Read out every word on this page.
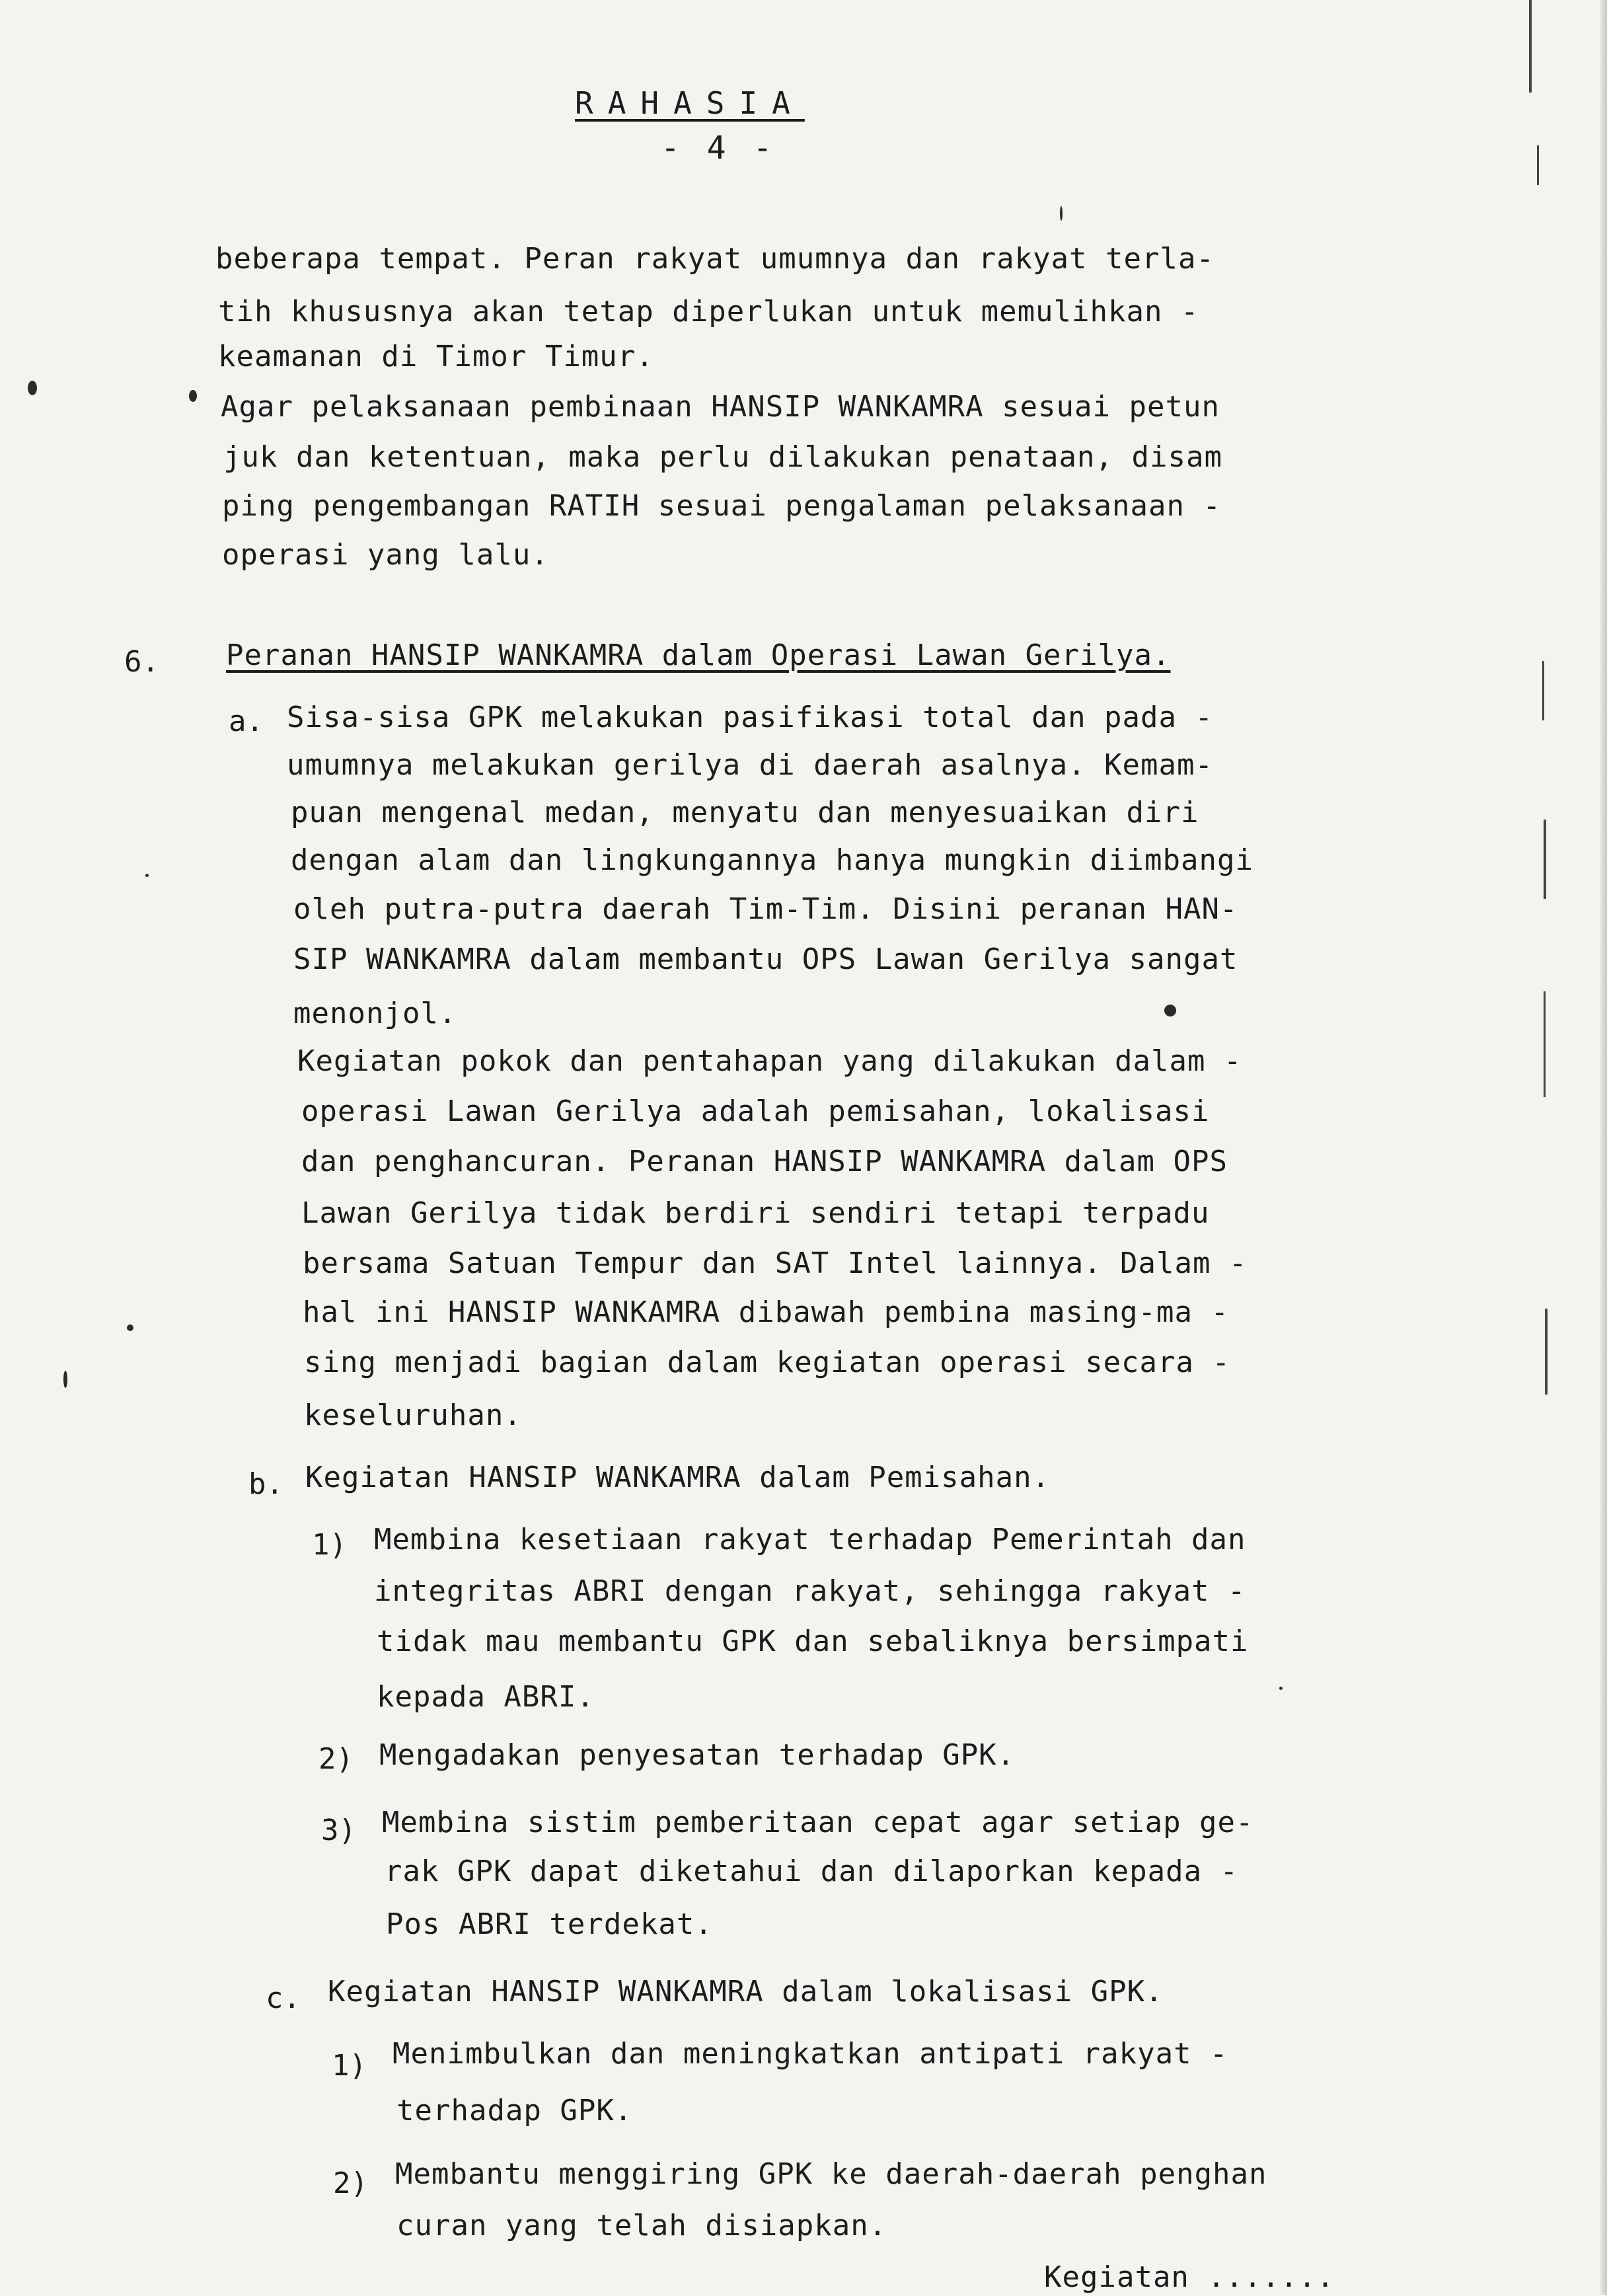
RAHASIA
- 4 -
beberapa tempat. Peran rakyat umumnya dan rakyat terla-
tih khususnya akan tetap diperlukan untuk memulihkan -
keamanan di Timor Timur.
Agar pelaksanaan pembinaan HANSIP WANKAMRA sesuai petun
juk dan ketentuan, maka perlu dilakukan penataan, disam
ping pengembangan RATIH sesuai pengalaman pelaksanaan -
operasi yang lalu.
6. Peranan HANSIP WANKAMRA dalam Operasi Lawan Gerilya.
a. Sisa-sisa GPK melakukan pasifikasi total dan pada -
umumnya melakukan gerilya di daerah asalnya. Kemam-
puan mengenal medan, menyatu dan menyesuaikan diri
dengan alam dan lingkungannya hanya mungkin diimbangi
oleh putra-putra daerah Tim-Tim. Disini peranan HAN-
SIP WANKAMRA dalam membantu OPS Lawan Gerilya sangat
menonjol.
Kegiatan pokok dan pentahapan yang dilakukan dalam -
operasi Lawan Gerilya adalah pemisahan, lokalisasi
dan penghancuran. Peranan HANSIP WANKAMRA dalam OPS
Lawan Gerilya tidak berdiri sendiri tetapi terpadu
bersama Satuan Tempur dan SAT Intel lainnya. Dalam -
hal ini HANSIP WANKAMRA dibawah pembina masing-ma -
sing menjadi bagian dalam kegiatan operasi secara -
keseluruhan.
b. Kegiatan HANSIP WANKAMRA dalam Pemisahan.
1) Membina kesetiaan rakyat terhadap Pemerintah dan
integritas ABRI dengan rakyat, sehingga rakyat -
tidak mau membantu GPK dan sebaliknya bersimpati
kepada ABRI.
2) Mengadakan penyesatan terhadap GPK.
3) Membina sistim pemberitaan cepat agar setiap ge-
rak GPK dapat diketahui dan dilaporkan kepada -
Pos ABRI terdekat.
c. Kegiatan HANSIP WANKAMRA dalam lokalisasi GPK.
1) Menimbulkan dan meningkatkan antipati rakyat -
terhadap GPK.
2) Membantu menggiring GPK ke daerah-daerah penghan
curan yang telah disiapkan.
Kegiatan .......
